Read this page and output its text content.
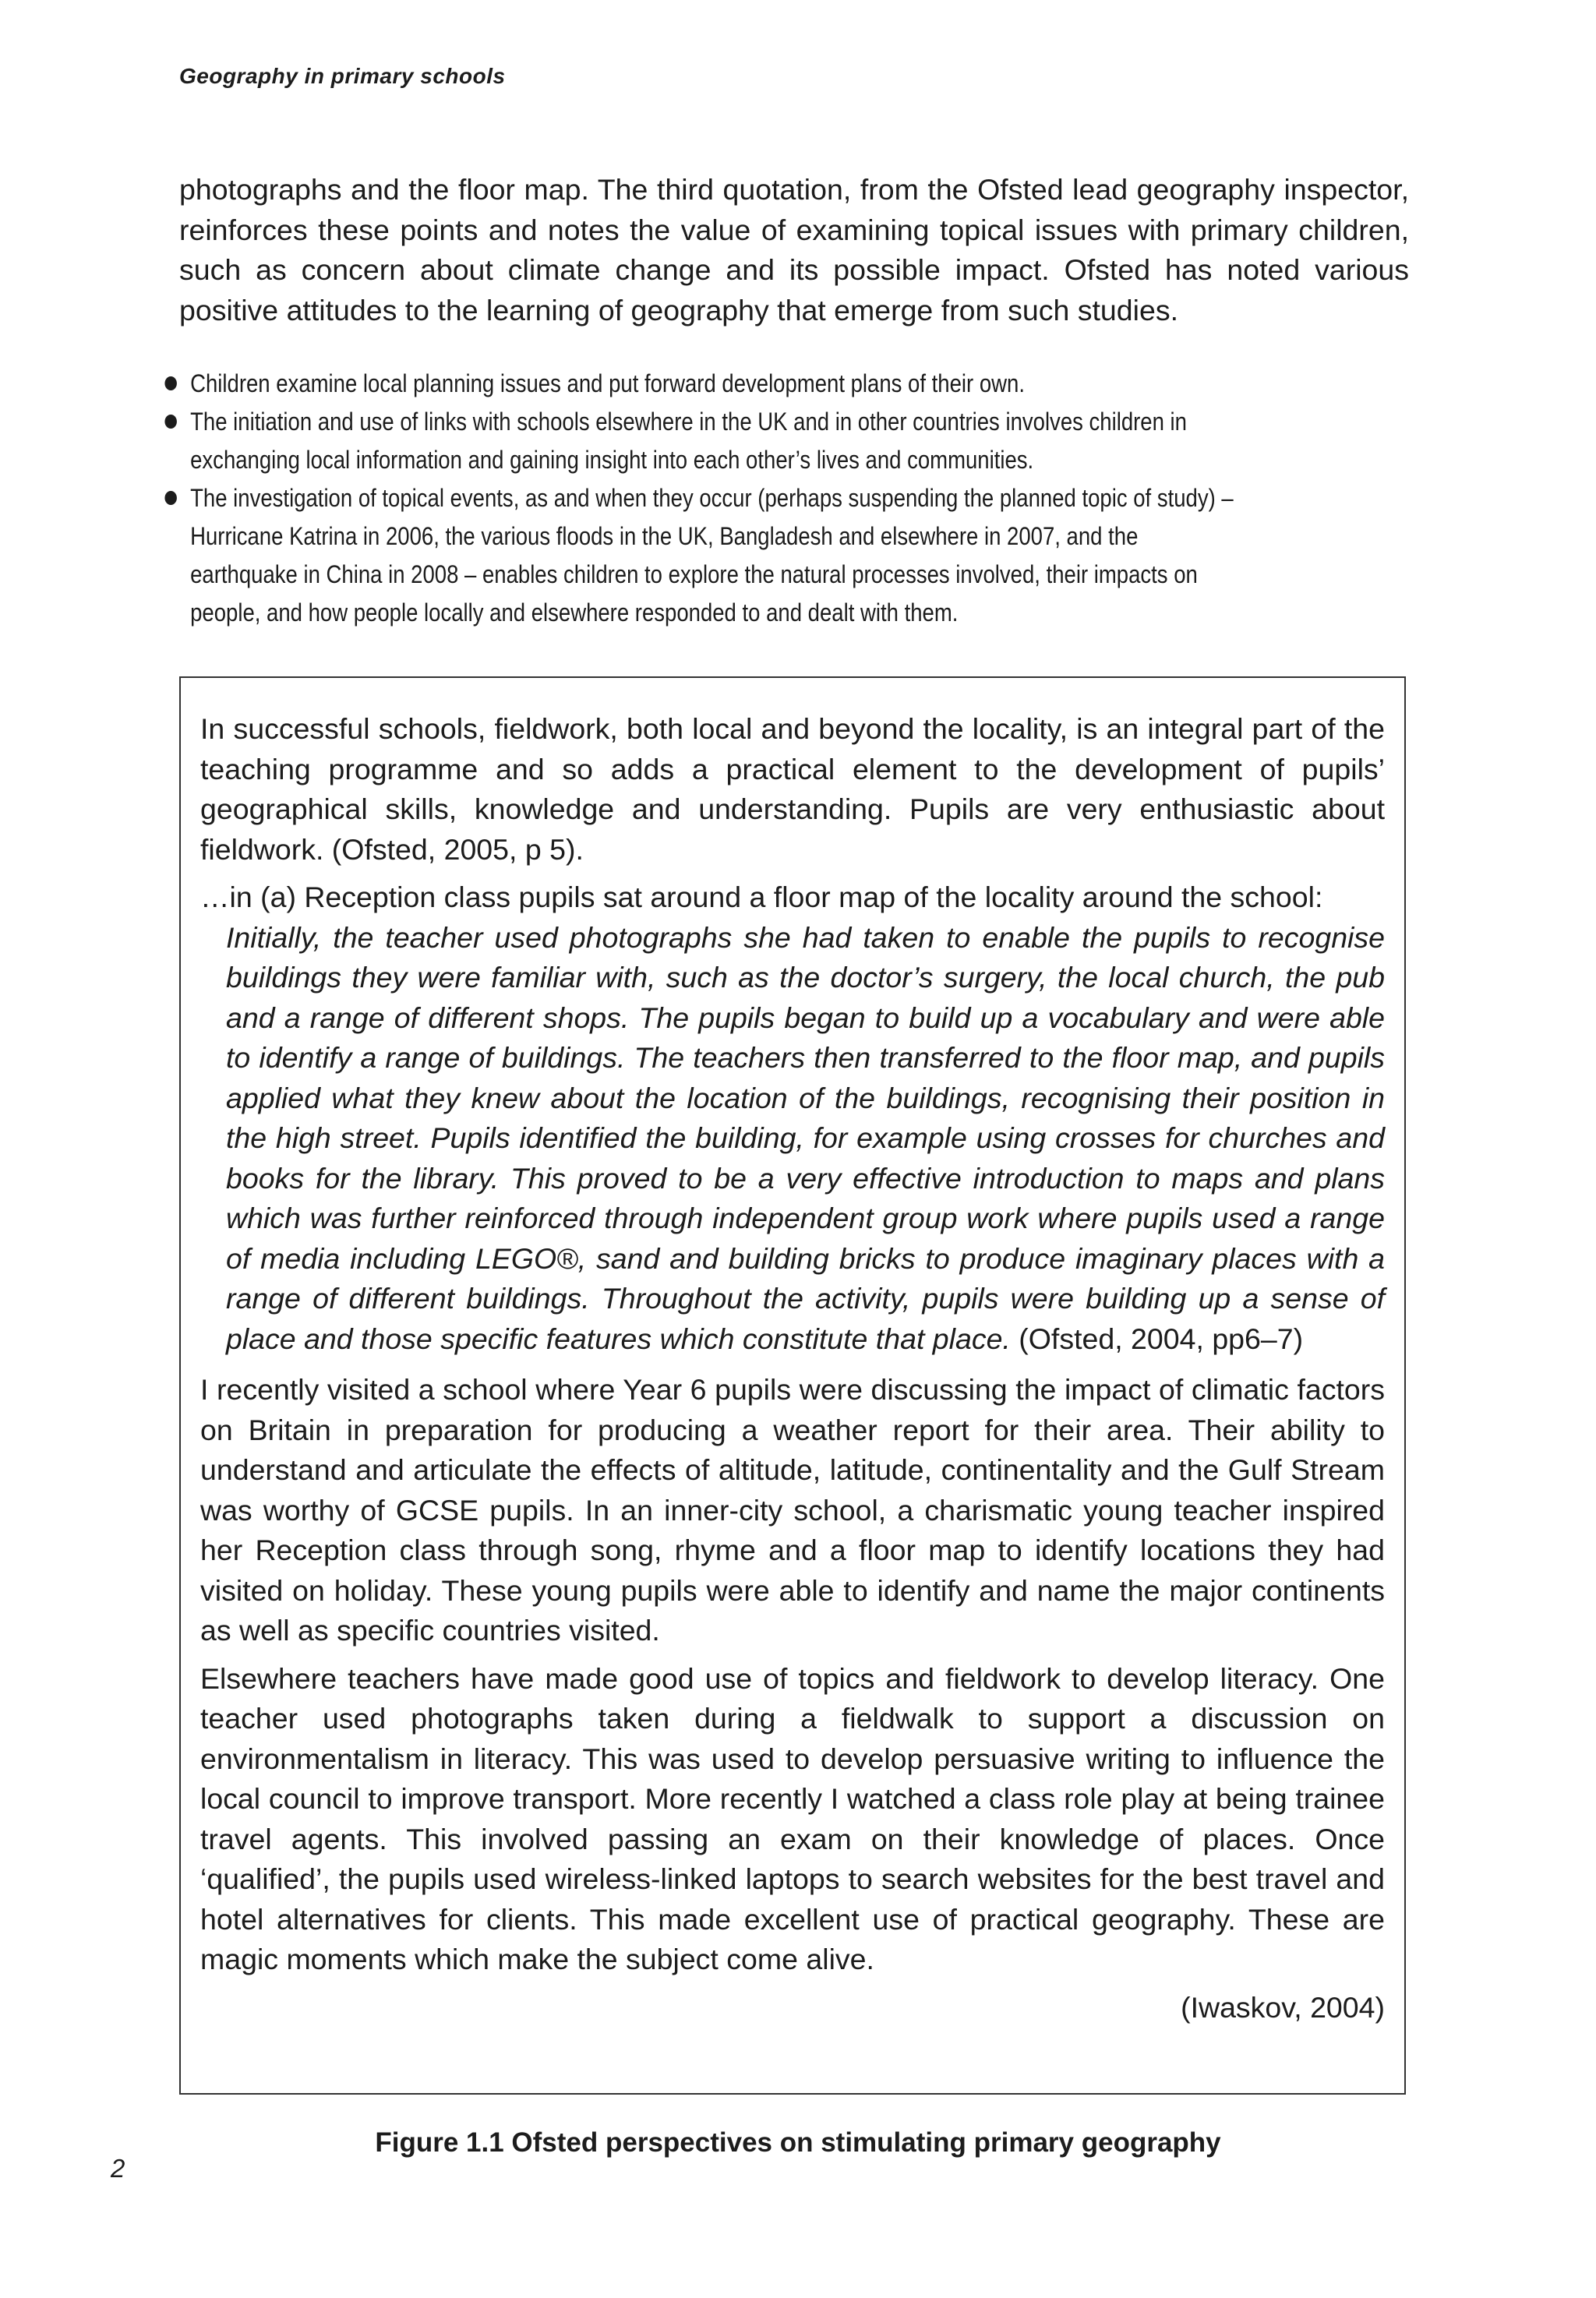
Geography in primary schools

photographs and the floor map. The third quotation, from the Ofsted lead geography inspector, reinforces these points and notes the value of examining topical issues with primary children, such as concern about climate change and its possible impact. Ofsted has noted various positive attitudes to the learning of geography that emerge from such studies.

Children examine local planning issues and put forward development plans of their own.
The initiation and use of links with schools elsewhere in the UK and in other countries involves children in exchanging local information and gaining insight into each other’s lives and communities.
The investigation of topical events, as and when they occur (perhaps suspending the planned topic of study) – Hurricane Katrina in 2006, the various floods in the UK, Bangladesh and elsewhere in 2007, and the earthquake in China in 2008 – enables children to explore the natural processes involved, their impacts on people, and how people locally and elsewhere responded to and dealt with them.

In successful schools, fieldwork, both local and beyond the locality, is an integral part of the teaching programme and so adds a practical element to the development of pupils’ geographical skills, knowledge and understanding. Pupils are very enthusiastic about fieldwork. (Ofsted, 2005, p 5).

…in (a) Reception class pupils sat around a floor map of the locality around the school:
Initially, the teacher used photographs she had taken to enable the pupils to recognise buildings they were familiar with, such as the doctor’s surgery, the local church, the pub and a range of different shops. The pupils began to build up a vocabulary and were able to identify a range of buildings. The teachers then transferred to the floor map, and pupils applied what they knew about the location of the buildings, recognising their position in the high street. Pupils identified the building, for example using crosses for churches and books for the library. This proved to be a very effective introduction to maps and plans which was further reinforced through independent group work where pupils used a range of media including LEGO®, sand and building bricks to produce imaginary places with a range of different buildings. Throughout the activity, pupils were building up a sense of place and those specific features which constitute that place. (Ofsted, 2004, pp6–7)

I recently visited a school where Year 6 pupils were discussing the impact of climatic factors on Britain in preparation for producing a weather report for their area. Their ability to understand and articulate the effects of altitude, latitude, continentality and the Gulf Stream was worthy of GCSE pupils. In an inner-city school, a charismatic young teacher inspired her Reception class through song, rhyme and a floor map to identify locations they had visited on holiday. These young pupils were able to identify and name the major continents as well as specific countries visited.

Elsewhere teachers have made good use of topics and fieldwork to develop literacy. One teacher used photographs taken during a fieldwalk to support a discussion on environmentalism in literacy. This was used to develop persuasive writing to influence the local council to improve transport. More recently I watched a class role play at being trainee travel agents. This involved passing an exam on their knowledge of places. Once ‘qualified’, the pupils used wireless-linked laptops to search websites for the best travel and hotel alternatives for clients. This made excellent use of practical geography. These are magic moments which make the subject come alive.

(Iwaskov, 2004)

Figure 1.1 Ofsted perspectives on stimulating primary geography
2
